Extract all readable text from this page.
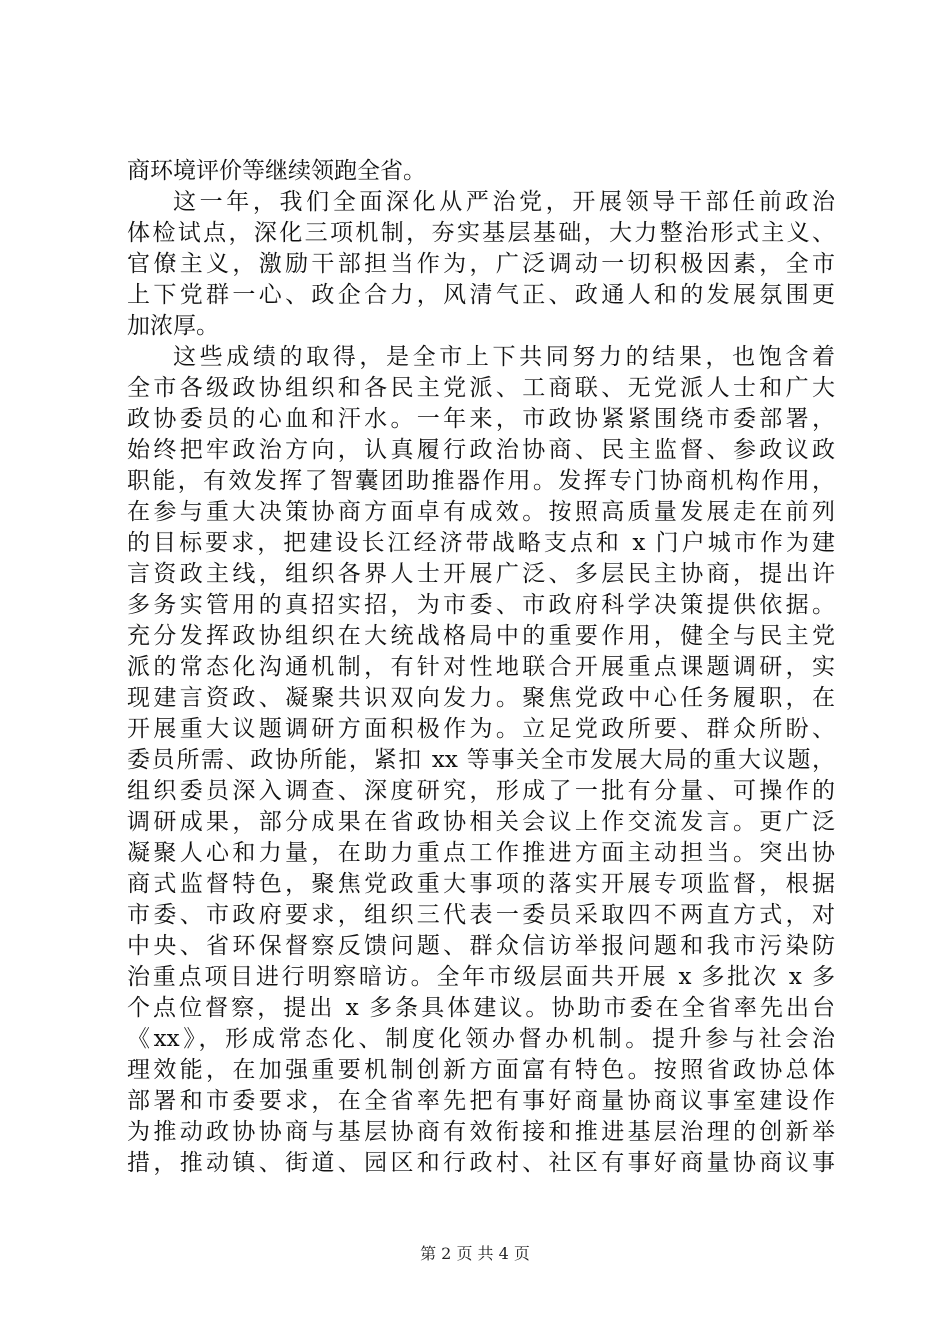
商环境评价等继续领跑全省。
这一年，我们全面深化从严治党，开展领导干部任前政治
体检试点，深化三项机制，夯实基层基础，大力整治形式主义、
官僚主义，激励干部担当作为，广泛调动一切积极因素，全市
上下党群一心、政企合力，风清气正、政通人和的发展氛围更
加浓厚。
这些成绩的取得，是全市上下共同努力的结果，也饱含着
全市各级政协组织和各民主党派、工商联、无党派人士和广大
政协委员的心血和汗水。一年来，市政协紧紧围绕市委部署，
始终把牢政治方向，认真履行政治协商、民主监督、参政议政
职能，有效发挥了智囊团助推器作用。发挥专门协商机构作用，
在参与重大决策协商方面卓有成效。按照高质量发展走在前列
的目标要求，把建设长江经济带战略支点和 x 门户城市作为建
言资政主线，组织各界人士开展广泛、多层民主协商，提出许
多务实管用的真招实招，为市委、市政府科学决策提供依据。
充分发挥政协组织在大统战格局中的重要作用，健全与民主党
派的常态化沟通机制，有针对性地联合开展重点课题调研，实
现建言资政、凝聚共识双向发力。聚焦党政中心任务履职，在
开展重大议题调研方面积极作为。立足党政所要、群众所盼、
委员所需、政协所能，紧扣 xx 等事关全市发展大局的重大议题，
组织委员深入调查、深度研究，形成了一批有分量、可操作的
调研成果，部分成果在省政协相关会议上作交流发言。更广泛
凝聚人心和力量，在助力重点工作推进方面主动担当。突出协
商式监督特色，聚焦党政重大事项的落实开展专项监督，根据
市委、市政府要求，组织三代表一委员采取四不两直方式，对
中央、省环保督察反馈问题、群众信访举报问题和我市污染防
治重点项目进行明察暗访。全年市级层面共开展 x 多批次 x 多
个点位督察，提出 x 多条具体建议。协助市委在全省率先出台
《xx》，形成常态化、制度化领办督办机制。提升参与社会治
理效能，在加强重要机制创新方面富有特色。按照省政协总体
部署和市委要求，在全省率先把有事好商量协商议事室建设作
为推动政协协商与基层协商有效衔接和推进基层治理的创新举
措，推动镇、街道、园区和行政村、社区有事好商量协商议事
第 2 页 共 4 页
